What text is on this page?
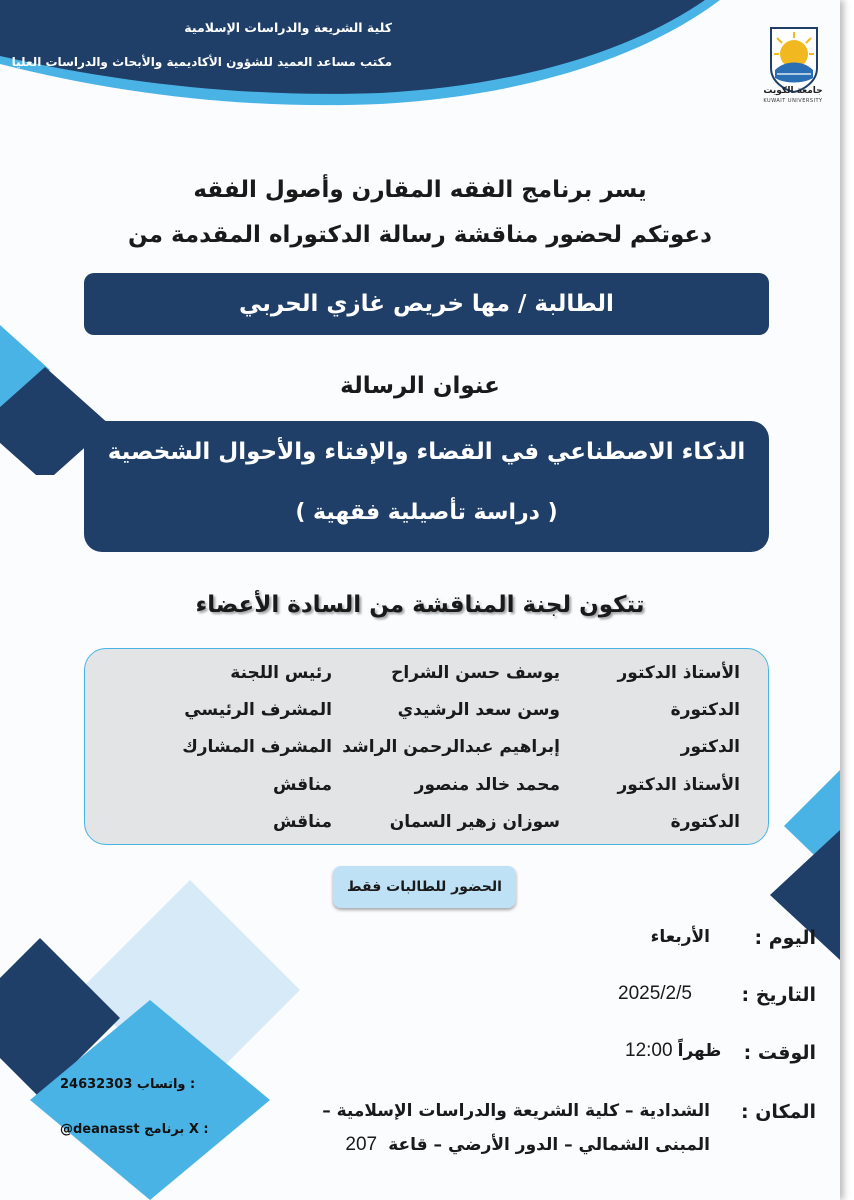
كلية الشريعة والدراسات الإسلامية
مكتب مساعد العميد للشؤون الأكاديمية والأبحاث والدراسات العليا
جامعة الكويت
KUWAIT UNIVERSITY
24632303 واتساب :
@deanasst برنامج X :
يسر برنامج الفقه المقارن وأصول الفقه
دعوتكم لحضور مناقشة رسالة الدكتوراه المقدمة من
الطالبة / مها خريص غازي الحربي
عنوان الرسالة
الذكاء الاصطناعي في القضاء والإفتاء والأحوال الشخصية
( دراسة تأصيلية فقهية )
تتكون لجنة المناقشة من السادة الأعضاء
الأستاذ الدكتور
يوسف حسن الشراح
رئيس اللجنة
الدكتورة
وسن سعد الرشيدي
المشرف الرئيسي
الدكتور
إبراهيم عبدالرحمن الراشد
المشرف المشارك
الأستاذ الدكتور
محمد خالد منصور
مناقش
الدكتورة
سوزان زهير السمان
مناقش
الحضور للطالبات فقط
اليوم :
الأربعاء
التاريخ :
2025/2/5
الوقت :
ظهراً 12:00
المكان :
الشدادية – كلية الشريعة والدراسات الإسلامية –
207 المبنى الشمالي – الدور الأرضي – قاعة
